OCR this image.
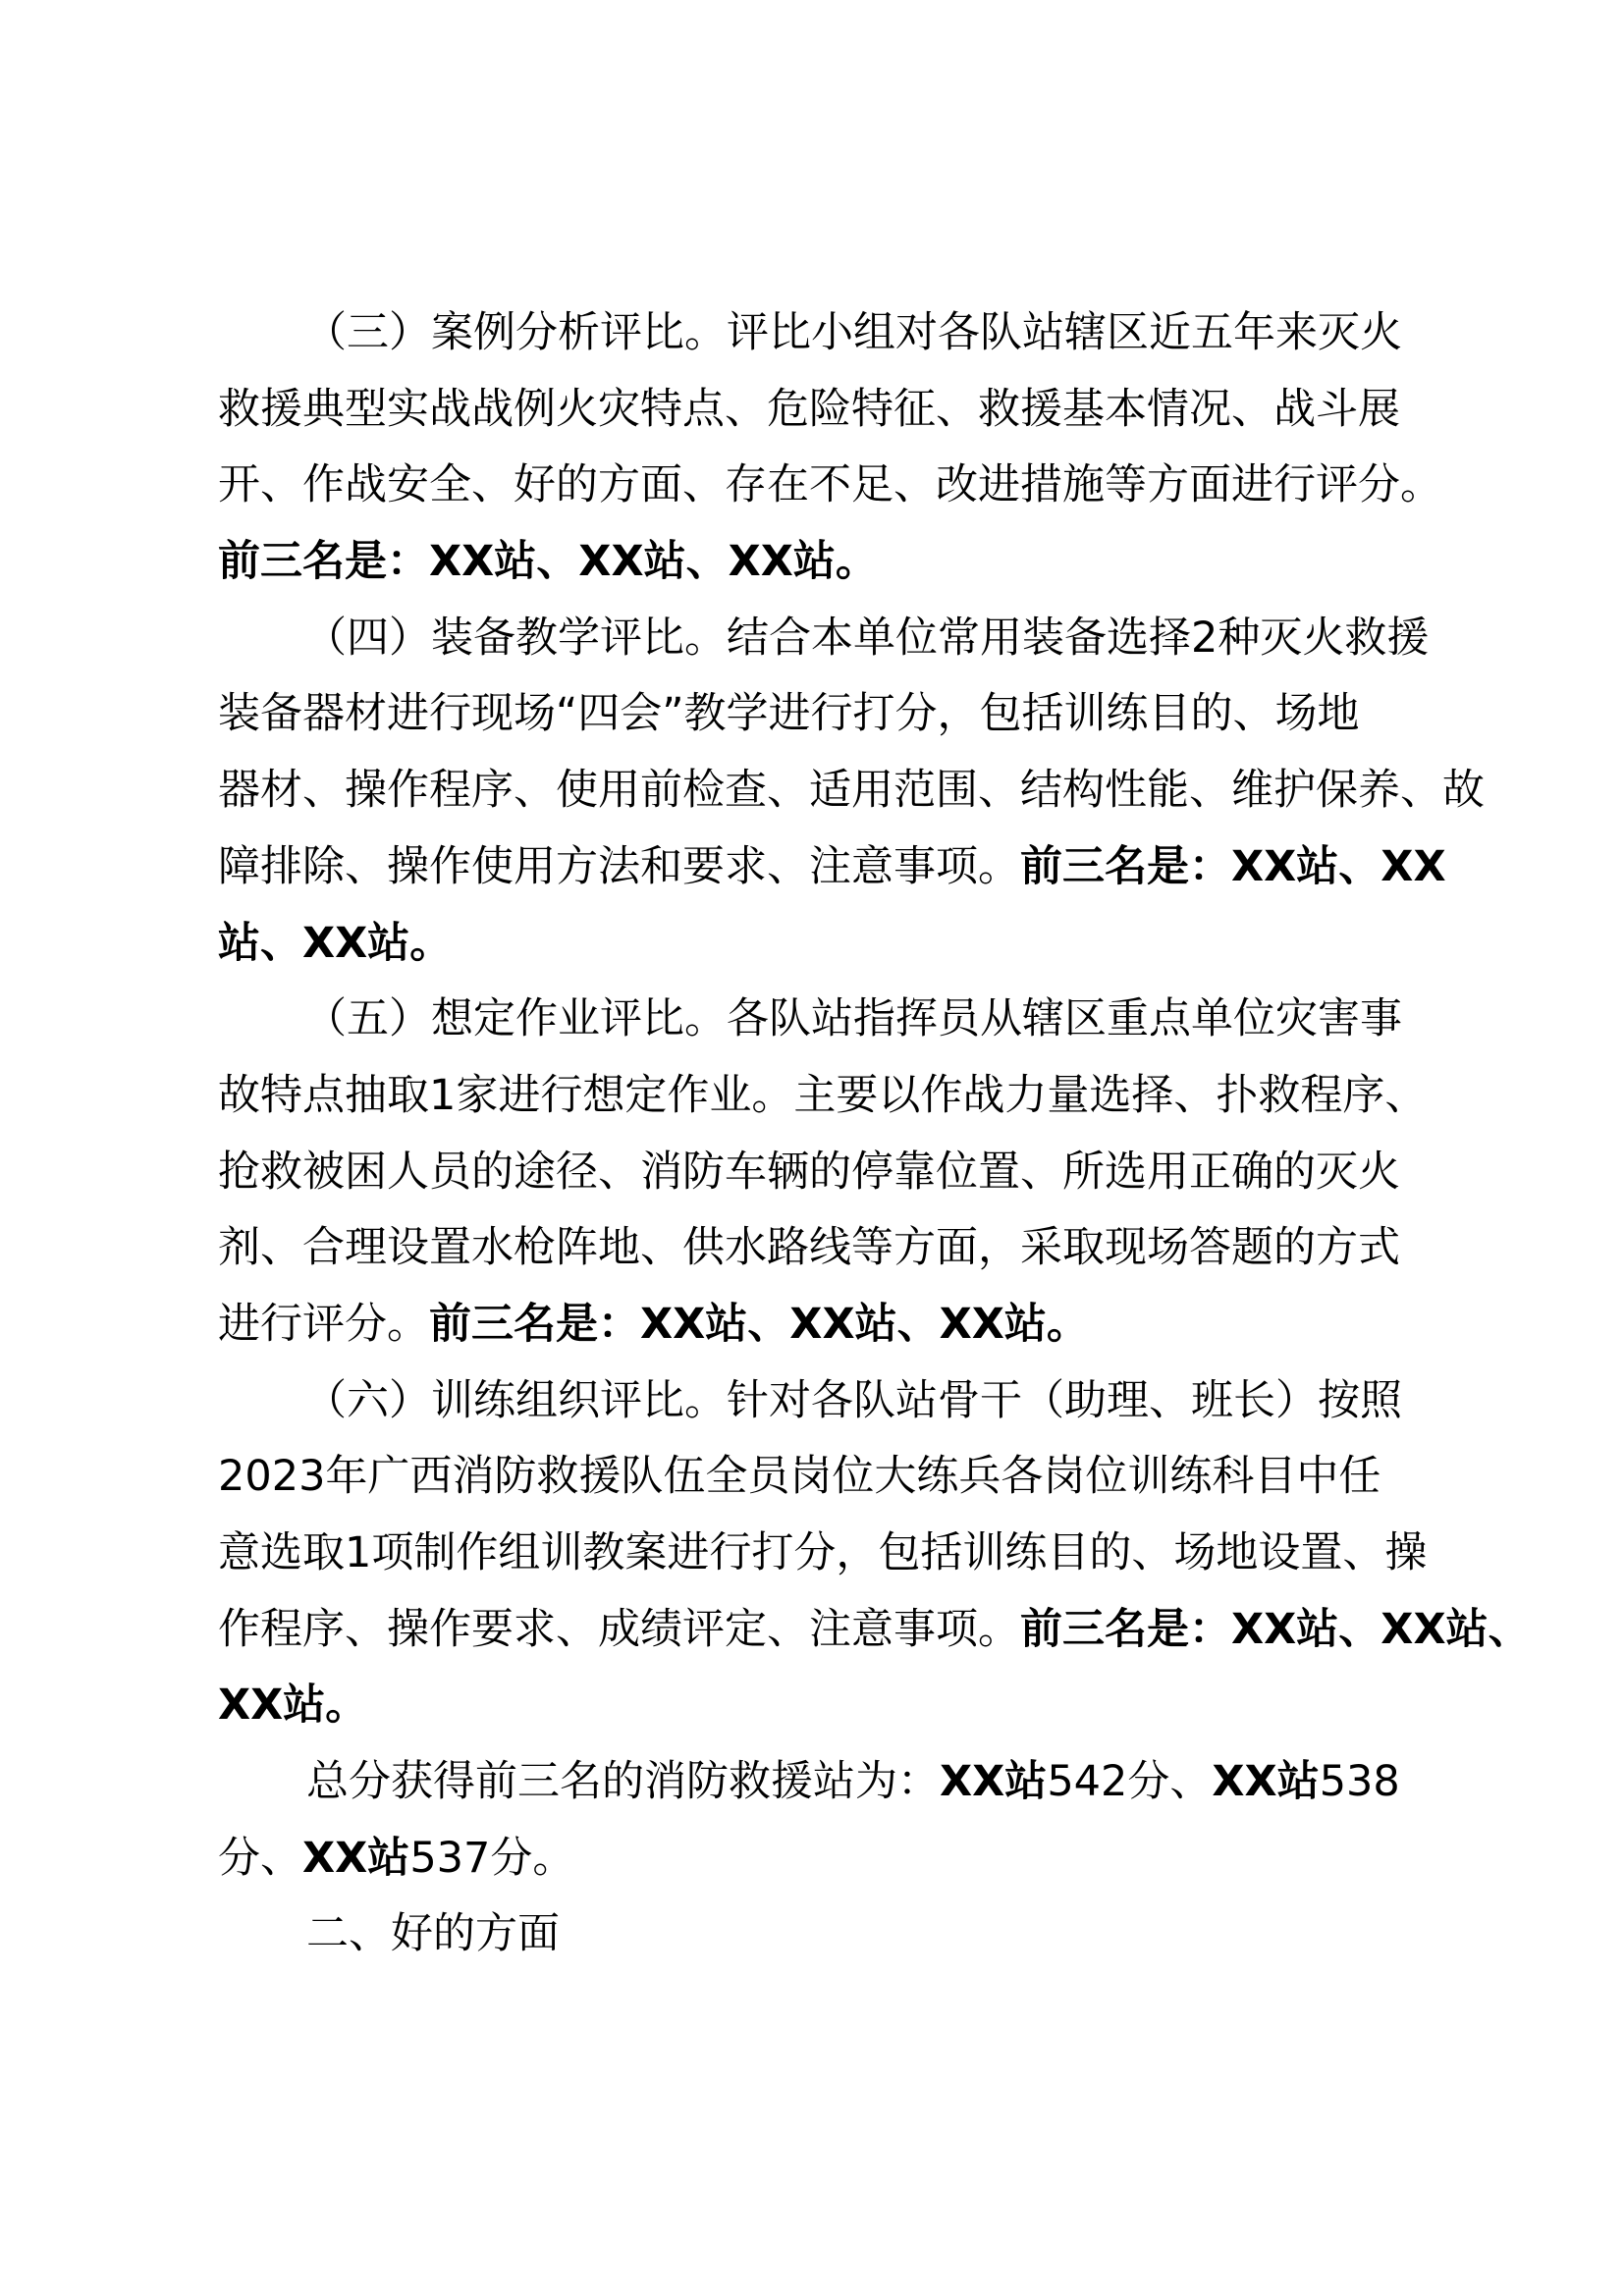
（三）案例分析评比。评比小组对各队站辖区近五年来灭火
救援典型实战战例火灾特点、危险特征、救援基本情况、战斗展
开、作战安全、好的方面、存在不足、改进措施等方面进行评分。
前三名是：XX站、XX站、XX站。
（四）装备教学评比。结合本单位常用装备选择2种灭火救援
装备器材进行现场“四会”教学进行打分，包括训练目的、场地
器材、操作程序、使用前检查、适用范围、结构性能、维护保养、故
障排除、操作使用方法和要求、注意事项。前三名是：XX站、XX
站、XX站。
（五）想定作业评比。各队站指挥员从辖区重点单位灾害事
故特点抽取1家进行想定作业。主要以作战力量选择、扑救程序、
抢救被困人员的途径、消防车辆的停靠位置、所选用正确的灭火
剂、合理设置水枪阵地、供水路线等方面，采取现场答题的方式
进行评分。前三名是：XX站、XX站、XX站。
（六）训练组织评比。针对各队站骨干（助理、班长）按照
2023年广西消防救援队伍全员岗位大练兵各岗位训练科目中任
意选取1项制作组训教案进行打分，包括训练目的、场地设置、操
作程序、操作要求、成绩评定、注意事项。前三名是：XX站、XX站、
XX站。
总分获得前三名的消防救援站为：XX站542分、XX站538
分、XX站537分。
二、好的方面
